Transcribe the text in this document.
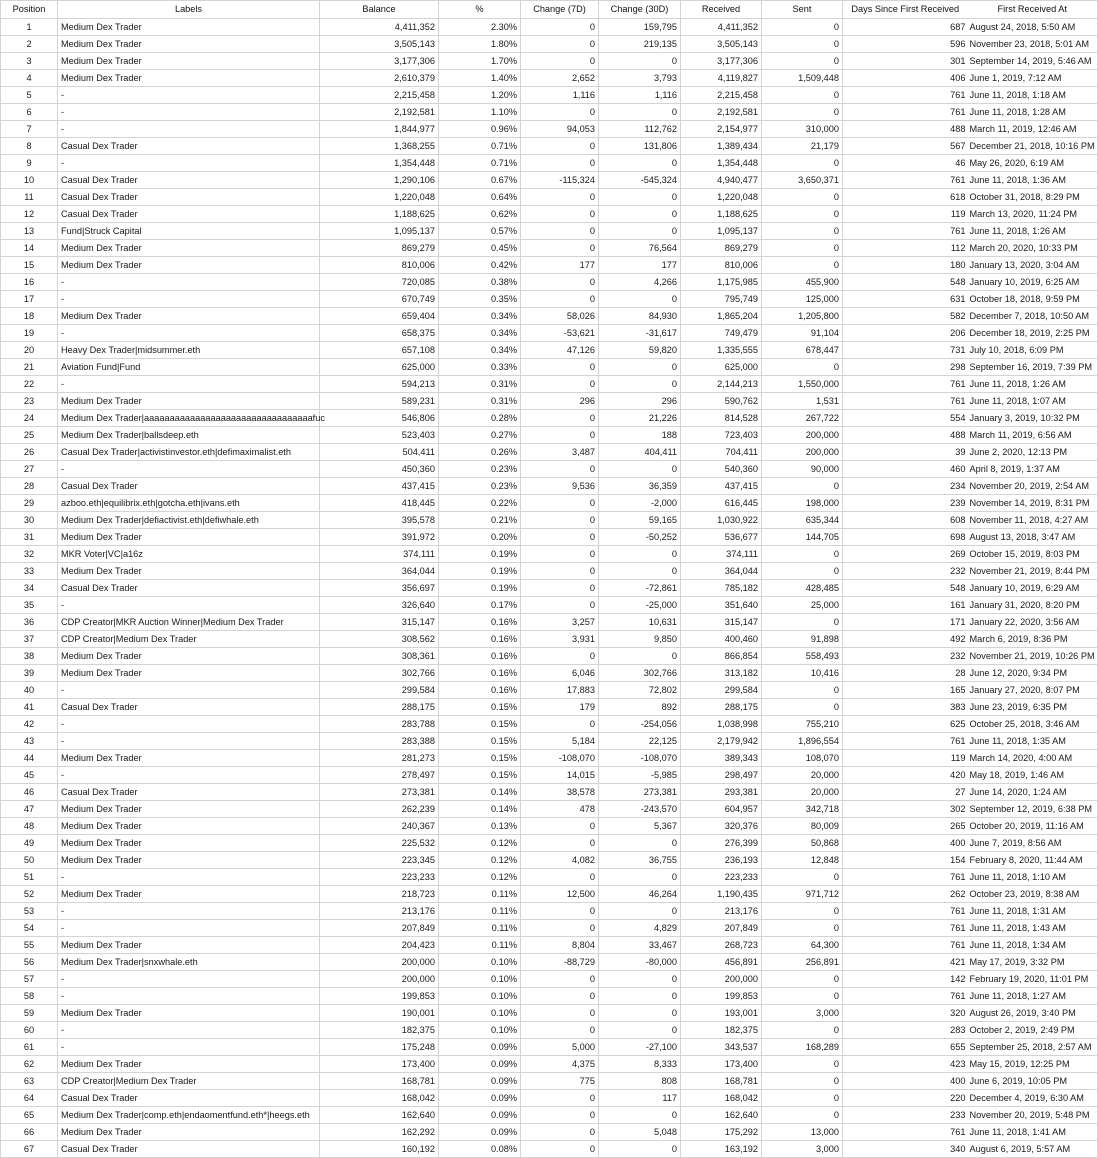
Position	Labels	Balance	%	Change (7D)	Change (30D)	Received	Sent	Days Since First Received	First Received At
1	Medium Dex Trader	4,411,352	2.30%	0	159,795	4,411,352	0	687	August 24, 2018, 5:50 AM
2	Medium Dex Trader	3,505,143	1.80%	0	219,135	3,505,143	0	596	November 23, 2018, 5:01 AM
3	Medium Dex Trader	3,177,306	1.70%	0	0	3,177,306	0	301	September 14, 2019, 5:46 AM
4	Medium Dex Trader	2,610,379	1.40%	2,652	3,793	4,119,827	1,509,448	406	June 1, 2019, 7:12 AM
5	-	2,215,458	1.20%	1,116	1,116	2,215,458	0	761	June 11, 2018, 1:18 AM
6	-	2,192,581	1.10%	0	0	2,192,581	0	761	June 11, 2018, 1:28 AM
7	-	1,844,977	0.96%	94,053	112,762	2,154,977	310,000	488	March 11, 2019, 12:46 AM
8	Casual Dex Trader	1,368,255	0.71%	0	131,806	1,389,434	21,179	567	December 21, 2018, 10:16 PM
9	-	1,354,448	0.71%	0	0	1,354,448	0	46	May 26, 2020, 6:19 AM
10	Casual Dex Trader	1,290,106	0.67%	-115,324	-545,324	4,940,477	3,650,371	761	June 11, 2018, 1:36 AM
11	Casual Dex Trader	1,220,048	0.64%	0	0	1,220,048	0	618	October 31, 2018, 8:29 PM
12	Casual Dex Trader	1,188,625	0.62%	0	0	1,188,625	0	119	March 13, 2020, 11:24 PM
13	Fund|Struck Capital	1,095,137	0.57%	0	0	1,095,137	0	761	June 11, 2018, 1:26 AM
14	Medium Dex Trader	869,279	0.45%	0	76,564	869,279	0	112	March 20, 2020, 10:33 PM
15	Medium Dex Trader	810,006	0.42%	177	177	810,006	0	180	January 13, 2020, 3:04 AM
16	-	720,085	0.38%	0	4,266	1,175,985	455,900	548	January 10, 2019, 6:25 AM
17	-	670,749	0.35%	0	0	795,749	125,000	631	October 18, 2018, 9:59 PM
18	Medium Dex Trader	659,404	0.34%	58,026	84,930	1,865,204	1,205,800	582	December 7, 2018, 10:50 AM
19	-	658,375	0.34%	-53,621	-31,617	749,479	91,104	206	December 18, 2019, 2:25 PM
20	Heavy Dex Trader|midsummer.eth	657,108	0.34%	47,126	59,820	1,335,555	678,447	731	July 10, 2018, 6:09 PM
21	Aviation Fund|Fund	625,000	0.33%	0	0	625,000	0	298	September 16, 2019, 7:39 PM
22	-	594,213	0.31%	0	0	2,144,213	1,550,000	761	June 11, 2018, 1:26 AM
23	Medium Dex Trader	589,231	0.31%	296	296	590,762	1,531	761	June 11, 2018, 1:07 AM
24	Medium Dex Trader|aaaaaaaaaaaaaaaaaaaaaaaaaaaaaaaaafuc	546,806	0.28%	0	21,226	814,528	267,722	554	January 3, 2019, 10:32 PM
25	Medium Dex Trader|ballsdeep.eth	523,403	0.27%	0	188	723,403	200,000	488	March 11, 2019, 6:56 AM
26	Casual Dex Trader|activistinvestor.eth|defimaximalist.eth	504,411	0.26%	3,487	404,411	704,411	200,000	39	June 2, 2020, 12:13 PM
27	-	450,360	0.23%	0	0	540,360	90,000	460	April 8, 2019, 1:37 AM
28	Casual Dex Trader	437,415	0.23%	9,536	36,359	437,415	0	234	November 20, 2019, 2:54 AM
29	azboo.eth|equilibrix.eth|gotcha.eth|ivans.eth	418,445	0.22%	0	-2,000	616,445	198,000	239	November 14, 2019, 8:31 PM
30	Medium Dex Trader|defiactivist.eth|defiwhale.eth	395,578	0.21%	0	59,165	1,030,922	635,344	608	November 11, 2018, 4:27 AM
31	Medium Dex Trader	391,972	0.20%	0	-50,252	536,677	144,705	698	August 13, 2018, 3:47 AM
32	MKR Voter|VC|a16z	374,111	0.19%	0	0	374,111	0	269	October 15, 2019, 8:03 PM
33	Medium Dex Trader	364,044	0.19%	0	0	364,044	0	232	November 21, 2019, 8:44 PM
34	Casual Dex Trader	356,697	0.19%	0	-72,861	785,182	428,485	548	January 10, 2019, 6:29 AM
35	-	326,640	0.17%	0	-25,000	351,640	25,000	161	January 31, 2020, 8:20 PM
36	CDP Creator|MKR Auction Winner|Medium Dex Trader	315,147	0.16%	3,257	10,631	315,147	0	171	January 22, 2020, 3:56 AM
37	CDP Creator|Medium Dex Trader	308,562	0.16%	3,931	9,850	400,460	91,898	492	March 6, 2019, 8:36 PM
38	Medium Dex Trader	308,361	0.16%	0	0	866,854	558,493	232	November 21, 2019, 10:26 PM
39	Medium Dex Trader	302,766	0.16%	6,046	302,766	313,182	10,416	28	June 12, 2020, 9:34 PM
40	-	299,584	0.16%	17,883	72,802	299,584	0	165	January 27, 2020, 8:07 PM
41	Casual Dex Trader	288,175	0.15%	179	892	288,175	0	383	June 23, 2019, 6:35 PM
42	-	283,788	0.15%	0	-254,056	1,038,998	755,210	625	October 25, 2018, 3:46 AM
43	-	283,388	0.15%	5,184	22,125	2,179,942	1,896,554	761	June 11, 2018, 1:35 AM
44	Medium Dex Trader	281,273	0.15%	-108,070	-108,070	389,343	108,070	119	March 14, 2020, 4:00 AM
45	-	278,497	0.15%	14,015	-5,985	298,497	20,000	420	May 18, 2019, 1:46 AM
46	Casual Dex Trader	273,381	0.14%	38,578	273,381	293,381	20,000	27	June 14, 2020, 1:24 AM
47	Medium Dex Trader	262,239	0.14%	478	-243,570	604,957	342,718	302	September 12, 2019, 6:38 PM
48	Medium Dex Trader	240,367	0.13%	0	5,367	320,376	80,009	265	October 20, 2019, 11:16 AM
49	Medium Dex Trader	225,532	0.12%	0	0	276,399	50,868	400	June 7, 2019, 8:56 AM
50	Medium Dex Trader	223,345	0.12%	4,082	36,755	236,193	12,848	154	February 8, 2020, 11:44 AM
51	-	223,233	0.12%	0	0	223,233	0	761	June 11, 2018, 1:10 AM
52	Medium Dex Trader	218,723	0.11%	12,500	46,264	1,190,435	971,712	262	October 23, 2019, 8:38 AM
53	-	213,176	0.11%	0	0	213,176	0	761	June 11, 2018, 1:31 AM
54	-	207,849	0.11%	0	4,829	207,849	0	761	June 11, 2018, 1:43 AM
55	Medium Dex Trader	204,423	0.11%	8,804	33,467	268,723	64,300	761	June 11, 2018, 1:34 AM
56	Medium Dex Trader|snxwhale.eth	200,000	0.10%	-88,729	-80,000	456,891	256,891	421	May 17, 2019, 3:32 PM
57	-	200,000	0.10%	0	0	200,000	0	142	February 19, 2020, 11:01 PM
58	-	199,853	0.10%	0	0	199,853	0	761	June 11, 2018, 1:27 AM
59	Medium Dex Trader	190,001	0.10%	0	0	193,001	3,000	320	August 26, 2019, 3:40 PM
60	-	182,375	0.10%	0	0	182,375	0	283	October 2, 2019, 2:49 PM
61	-	175,248	0.09%	5,000	-27,100	343,537	168,289	655	September 25, 2018, 2:57 AM
62	Medium Dex Trader	173,400	0.09%	4,375	8,333	173,400	0	423	May 15, 2019, 12:25 PM
63	CDP Creator|Medium Dex Trader	168,781	0.09%	775	808	168,781	0	400	June 6, 2019, 10:05 PM
64	Casual Dex Trader	168,042	0.09%	0	117	168,042	0	220	December 4, 2019, 6:30 AM
65	Medium Dex Trader|comp.eth|endaomentfund.eth*|heegs.eth	162,640	0.09%	0	0	162,640	0	233	November 20, 2019, 5:48 PM
66	Medium Dex Trader	162,292	0.09%	0	5,048	175,292	13,000	761	June 11, 2018, 1:41 AM
67	Casual Dex Trader	160,192	0.08%	0	0	163,192	3,000	340	August 6, 2019, 5:57 AM
